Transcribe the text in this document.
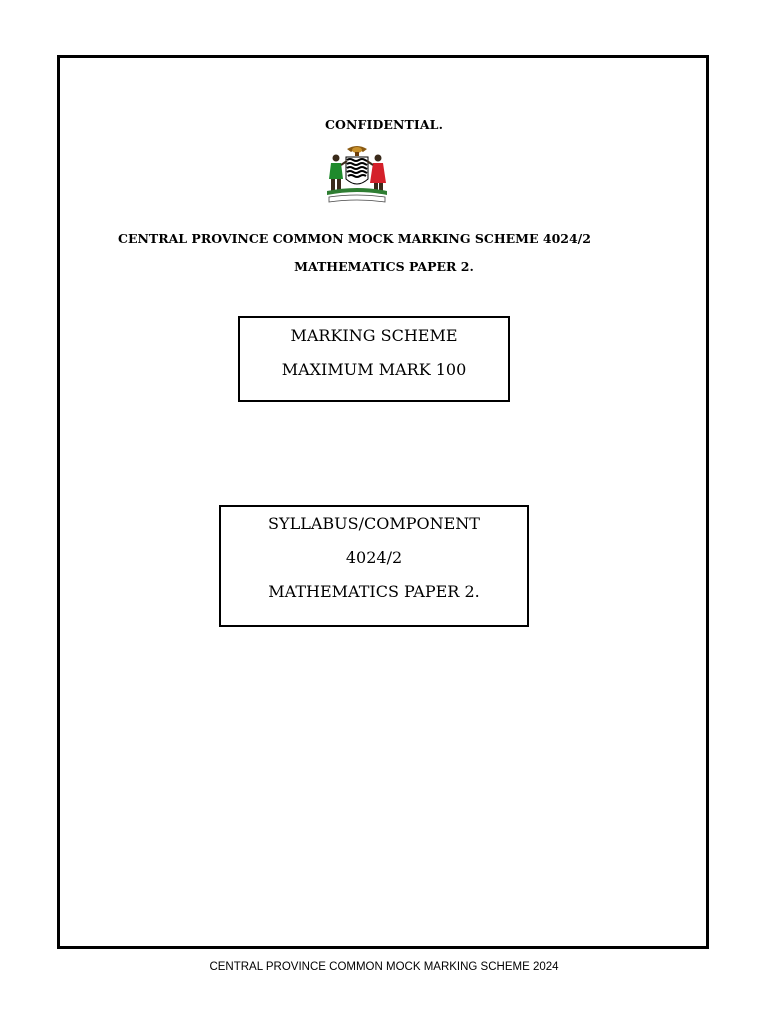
CONFIDENTIAL.
CENTRAL PROVINCE COMMON MOCK MARKING SCHEME 4024/2
MATHEMATICS PAPER 2.
MARKING SCHEME
MAXIMUM MARK 100
SYLLABUS/COMPONENT
4024/2
MATHEMATICS PAPER 2.
CENTRAL PROVINCE COMMON MOCK MARKING SCHEME 2024
